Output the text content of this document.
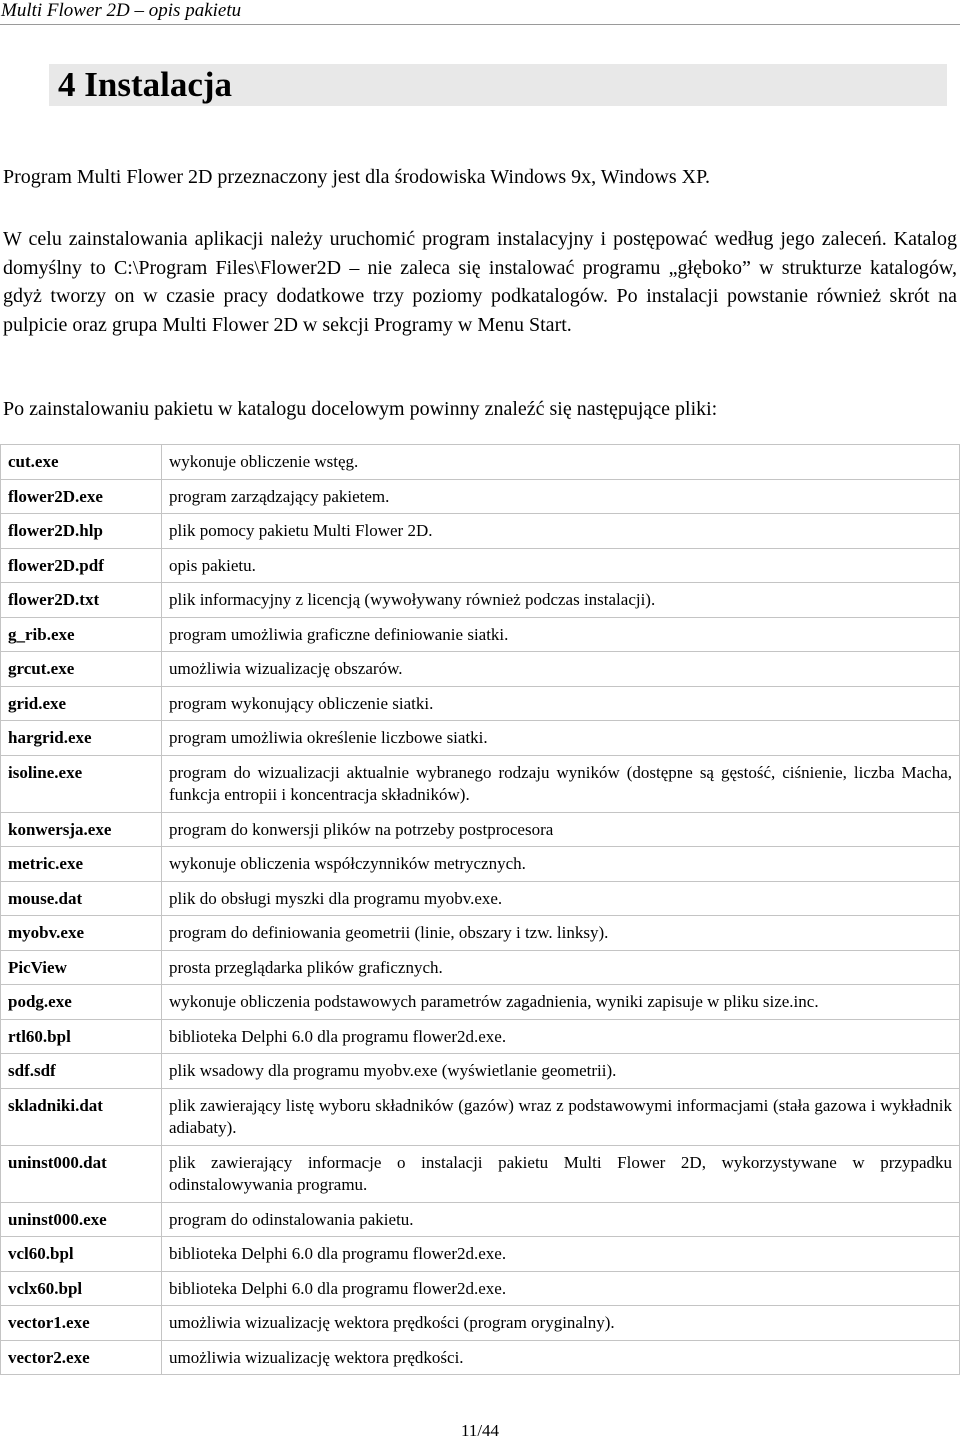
Multi Flower 2D – opis pakietu
4 Instalacja

Program Multi Flower 2D przeznaczony jest dla środowiska Windows 9x, Windows XP.

W celu zainstalowania aplikacji należy uruchomić program instalacyjny i postępować według jego zaleceń. Katalog domyślny to C:\Program Files\Flower2D – nie zaleca się instalować programu „głęboko” w strukturze katalogów, gdyż tworzy on w czasie pracy dodatkowe trzy poziomy podkatalogów. Po instalacji powstanie również skrót na pulpicie oraz grupa Multi Flower 2D w sekcji Programy w Menu Start.

Po zainstalowaniu pakietu w katalogu docelowym powinny znaleźć się następujące pliki:

cut.exe	wykonuje obliczenie wstęg.
flower2D.exe	program zarządzający pakietem.
flower2D.hlp	plik pomocy pakietu Multi Flower 2D.
flower2D.pdf	opis pakietu.
flower2D.txt	plik informacyjny z licencją (wywoływany również podczas instalacji).
g_rib.exe	program umożliwia graficzne definiowanie siatki.
grcut.exe	umożliwia wizualizację obszarów.
grid.exe	program wykonujący obliczenie siatki.
hargrid.exe	program umożliwia określenie liczbowe siatki.
isoline.exe	program do wizualizacji aktualnie wybranego rodzaju wyników (dostępne są gęstość, ciśnienie, liczba Macha, funkcja entropii i koncentracja składników).
konwersja.exe	program do konwersji plików na potrzeby postprocesora
metric.exe	wykonuje obliczenia współczynników metrycznych.
mouse.dat	plik do obsługi myszki dla programu myobv.exe.
myobv.exe	program do definiowania geometrii (linie, obszary i tzw. linksy).
PicView	prosta przeglądarka plików graficznych.
podg.exe	wykonuje obliczenia podstawowych parametrów zagadnienia, wyniki zapisuje w pliku size.inc.
rtl60.bpl	biblioteka Delphi 6.0 dla programu flower2d.exe.
sdf.sdf	plik wsadowy dla programu myobv.exe (wyświetlanie geometrii).
skladniki.dat	plik zawierający listę wyboru składników (gazów) wraz z podstawowymi informacjami (stała gazowa i wykładnik adiabaty).
uninst000.dat	plik zawierający informacje o instalacji pakietu Multi Flower 2D, wykorzystywane w przypadku odinstalowywania programu.
uninst000.exe	program do odinstalowania pakietu.
vcl60.bpl	biblioteka Delphi 6.0 dla programu flower2d.exe.
vclx60.bpl	biblioteka Delphi 6.0 dla programu flower2d.exe.
vector1.exe	umożliwia wizualizację wektora prędkości (program oryginalny).
vector2.exe	umożliwia wizualizację wektora prędkości.
11/44
